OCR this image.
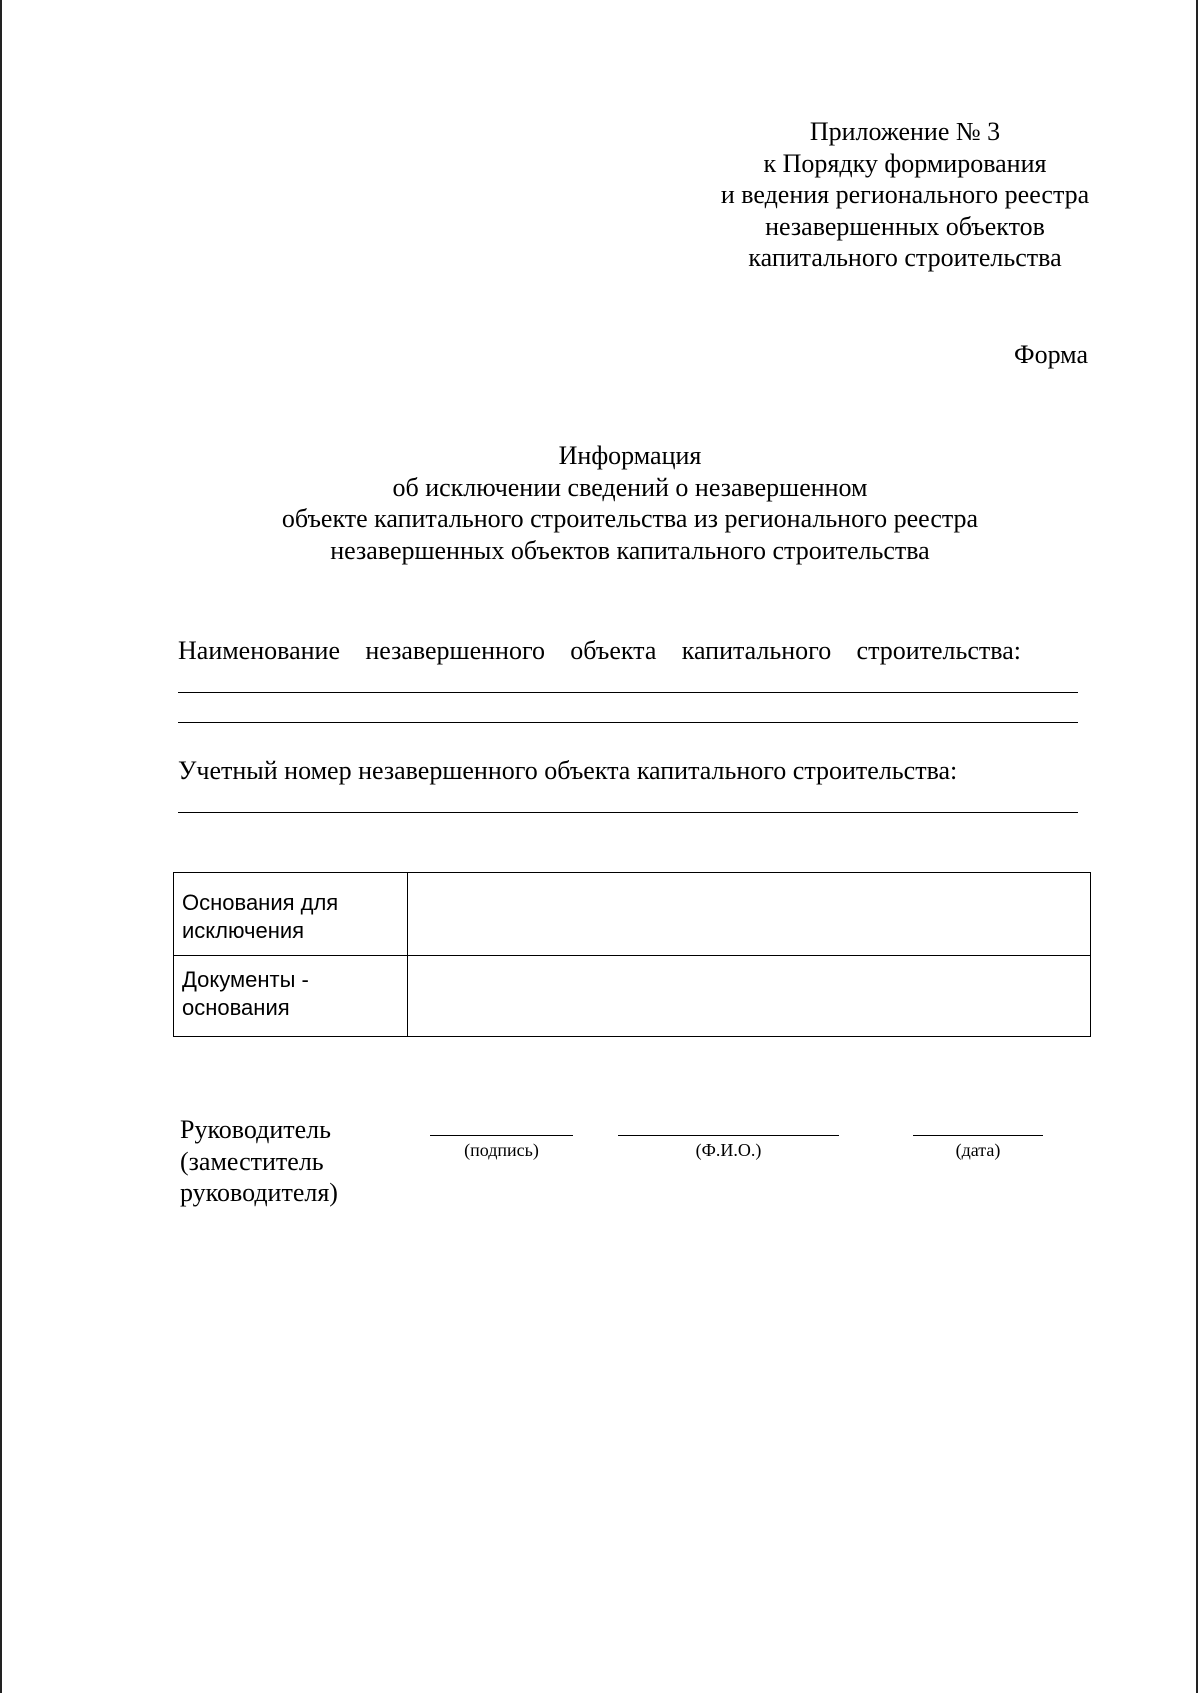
Приложение № 3
к Порядку формирования
и ведения регионального реестра
незавершенных объектов
капитального строительства
Форма
Информация
об исключении сведений о незавершенном
объекте капитального строительства из регионального реестра
незавершенных объектов капитального строительства
Наименование незавершенного объекта капитального строительства:
Учетный номер незавершенного объекта капитального строительства:
Основания для исключения	
Документы - основания	
Руководитель
(заместитель
руководителя)
(подпись)	(Ф.И.О.)	(дата)
